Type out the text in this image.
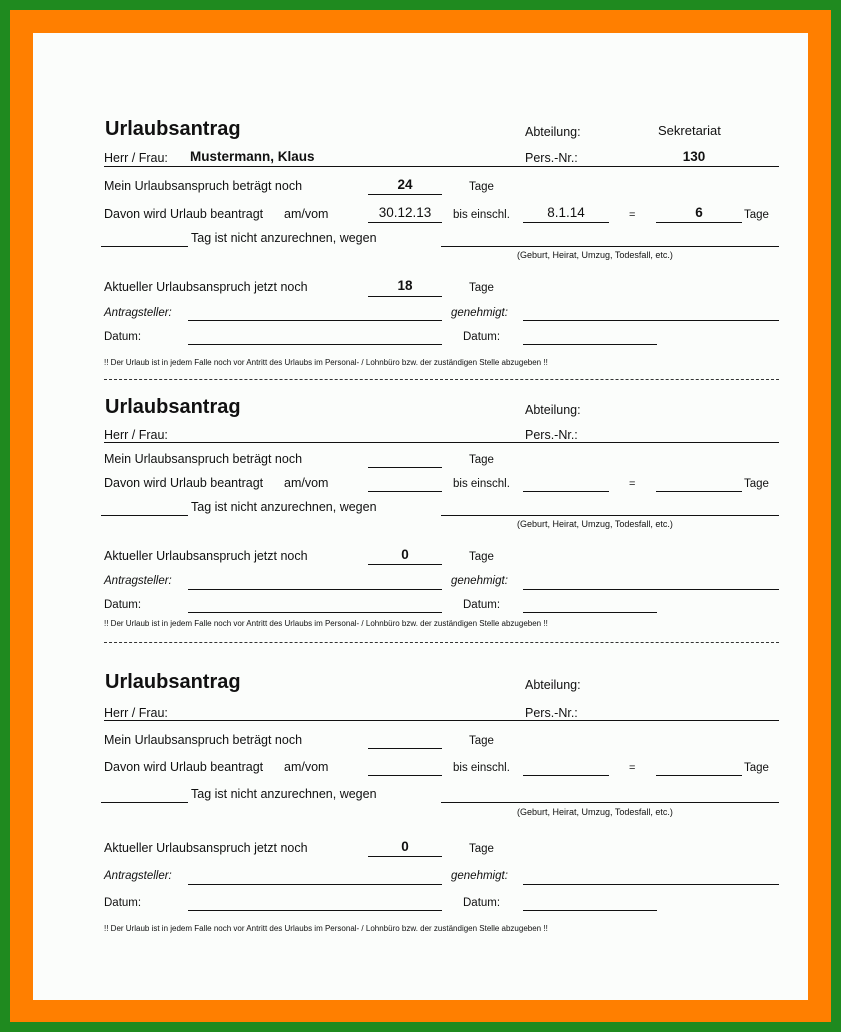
Urlaubsantrag	Abteilung:	Sekretariat
Herr / Frau: Mustermann, Klaus	Pers.-Nr.:	130
Mein Urlaubsanspruch beträgt noch	24	Tage
Davon wird Urlaub beantragt am/vom	30.12.13	bis einschl.	8.1.14	=	6	Tage
Tag ist nicht anzurechnen, wegen
(Geburt, Heirat, Umzug, Todesfall, etc.)
Aktueller Urlaubsanspruch jetzt noch	18	Tage
Antragsteller:	genehmigt:
Datum:	Datum:
!! Der Urlaub ist in jedem Falle noch vor Antritt des Urlaubs im Personal- / Lohnbüro bzw. der zuständigen Stelle abzugeben !!
Urlaubsantrag	Abteilung:
Herr / Frau:	Pers.-Nr.:
Mein Urlaubsanspruch beträgt noch	Tage
Davon wird Urlaub beantragt am/vom	bis einschl.	=	Tage
Tag ist nicht anzurechnen, wegen
(Geburt, Heirat, Umzug, Todesfall, etc.)
Aktueller Urlaubsanspruch jetzt noch	0	Tage
Antragsteller:	genehmigt:
Datum:	Datum:
!! Der Urlaub ist in jedem Falle noch vor Antritt des Urlaubs im Personal- / Lohnbüro bzw. der zuständigen Stelle abzugeben !!
Urlaubsantrag	Abteilung:
Herr / Frau:	Pers.-Nr.:
Mein Urlaubsanspruch beträgt noch	Tage
Davon wird Urlaub beantragt am/vom	bis einschl.	=	Tage
Tag ist nicht anzurechnen, wegen
(Geburt, Heirat, Umzug, Todesfall, etc.)
Aktueller Urlaubsanspruch jetzt noch	0	Tage
Antragsteller:	genehmigt:
Datum:	Datum:
!! Der Urlaub ist in jedem Falle noch vor Antritt des Urlaubs im Personal- / Lohnbüro bzw. der zuständigen Stelle abzugeben !!
